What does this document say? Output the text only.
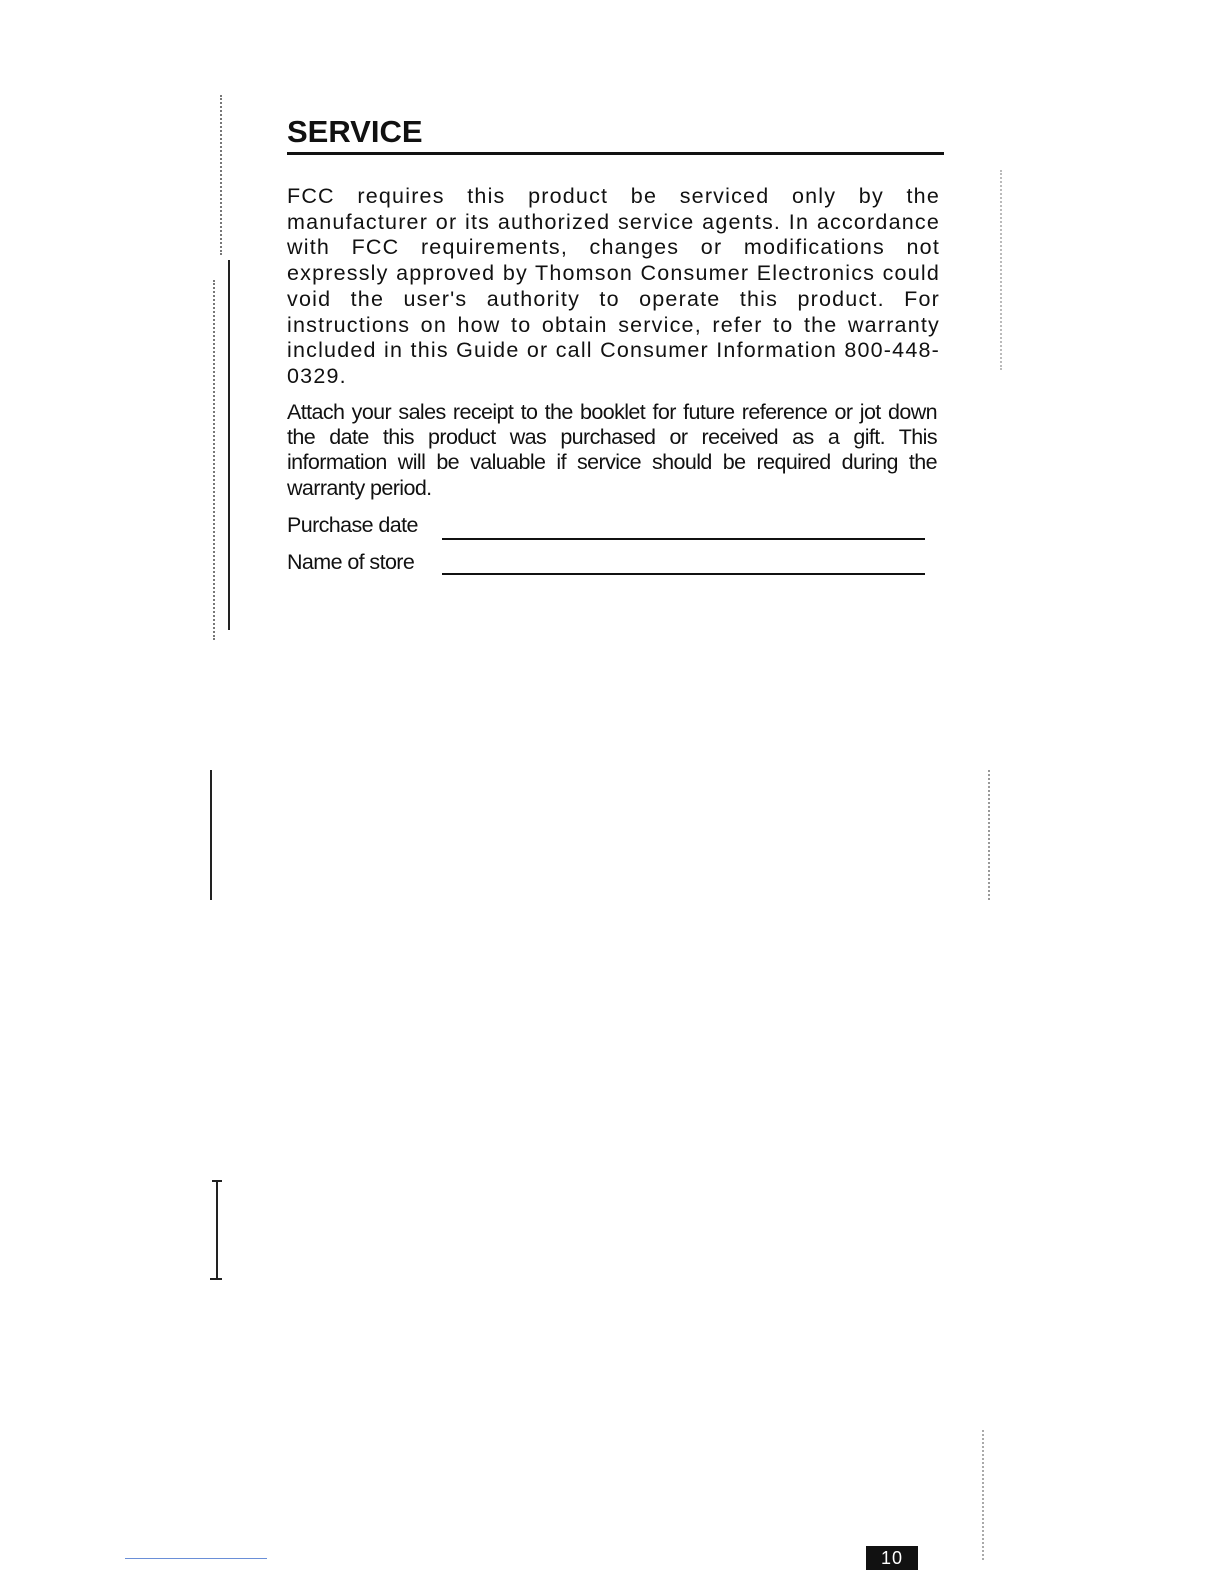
SERVICE

FCC requires this product be serviced only by the manufacturer or its authorized service agents. In accordance with FCC requirements, changes or modifications not expressly approved by Thomson Consumer Electronics could void the user's authority to operate this product. For instructions on how to obtain service, refer to the warranty included in this Guide or call Consumer Information 800-448-0329.

Attach your sales receipt to the booklet for future reference or jot down the date this product was purchased or received as a gift. This information will be valuable if service should be required during the warranty period.

Purchase date
Name of store
10
